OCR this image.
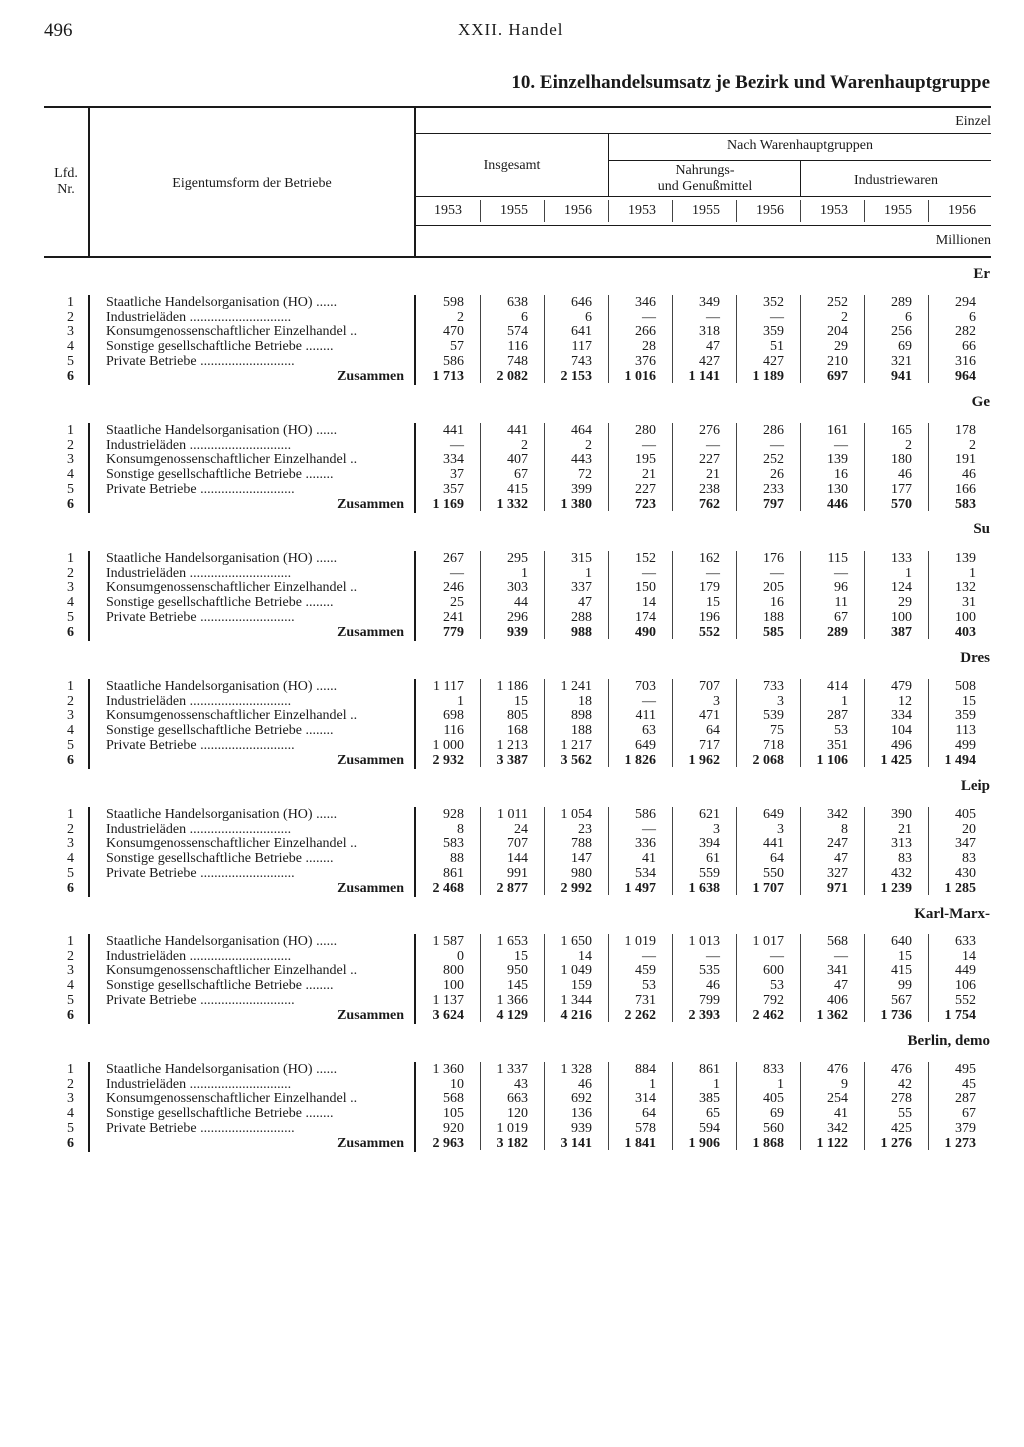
496	XXII. Handel
10. Einzelhandelsumsatz je Bezirk und Warenhauptgruppe
Lfd.
Nr.	Eigentumsform der Betriebe
Einzel
Insgesamt
Nach Warenhauptgruppen
Nahrungs-
und Genußmittel	Industriewaren
1953	1955	1956	1953	1955	1956	1953	1955	1956
Millionen
Er
1 Staatliche Handelsorganisation (HO) ......	598	638	646	346	349	352	252	289	294
2 Industrieläden .............................	2	6	6	—	—	—	2	6	6
3 Konsumgenossenschaftlicher Einzelhandel ..	470	574	641	266	318	359	204	256	282
4 Sonstige gesellschaftliche Betriebe ........	57	116	117	28	47	51	29	69	66
5 Private Betriebe ...........................	586	748	743	376	427	427	210	321	316
6	Zusammen	1 713	2 082	2 153	1 016	1 141	1 189	697	941	964
Ge
1 Staatliche Handelsorganisation (HO) ......	441	441	464	280	276	286	161	165	178
2 Industrieläden .............................	—	2	2	—	—	—	—	2	2
3 Konsumgenossenschaftlicher Einzelhandel ..	334	407	443	195	227	252	139	180	191
4 Sonstige gesellschaftliche Betriebe ........	37	67	72	21	21	26	16	46	46
5 Private Betriebe ...........................	357	415	399	227	238	233	130	177	166
6	Zusammen	1 169	1 332	1 380	723	762	797	446	570	583
Su
1 Staatliche Handelsorganisation (HO) ......	267	295	315	152	162	176	115	133	139
2 Industrieläden .............................	—	1	1	—	—	—	—	1	1
3 Konsumgenossenschaftlicher Einzelhandel ..	246	303	337	150	179	205	96	124	132
4 Sonstige gesellschaftliche Betriebe ........	25	44	47	14	15	16	11	29	31
5 Private Betriebe ...........................	241	296	288	174	196	188	67	100	100
6	Zusammen	779	939	988	490	552	585	289	387	403
Dres
1 Staatliche Handelsorganisation (HO) ......	1 117	1 186	1 241	703	707	733	414	479	508
2 Industrieläden .............................	1	15	18	—	3	3	1	12	15
3 Konsumgenossenschaftlicher Einzelhandel ..	698	805	898	411	471	539	287	334	359
4 Sonstige gesellschaftliche Betriebe ........	116	168	188	63	64	75	53	104	113
5 Private Betriebe ...........................	1 000	1 213	1 217	649	717	718	351	496	499
6	Zusammen	2 932	3 387	3 562	1 826	1 962	2 068	1 106	1 425	1 494
Leip
1 Staatliche Handelsorganisation (HO) ......	928	1 011	1 054	586	621	649	342	390	405
2 Industrieläden .............................	8	24	23	—	3	3	8	21	20
3 Konsumgenossenschaftlicher Einzelhandel ..	583	707	788	336	394	441	247	313	347
4 Sonstige gesellschaftliche Betriebe ........	88	144	147	41	61	64	47	83	83
5 Private Betriebe ...........................	861	991	980	534	559	550	327	432	430
6	Zusammen	2 468	2 877	2 992	1 497	1 638	1 707	971	1 239	1 285
Karl-Marx-
1 Staatliche Handelsorganisation (HO) ......	1 587	1 653	1 650	1 019	1 013	1 017	568	640	633
2 Industrieläden .............................	0	15	14	—	—	—	—	15	14
3 Konsumgenossenschaftlicher Einzelhandel ..	800	950	1 049	459	535	600	341	415	449
4 Sonstige gesellschaftliche Betriebe ........	100	145	159	53	46	53	47	99	106
5 Private Betriebe ...........................	1 137	1 366	1 344	731	799	792	406	567	552
6	Zusammen	3 624	4 129	4 216	2 262	2 393	2 462	1 362	1 736	1 754
Berlin, demo
1 Staatliche Handelsorganisation (HO) ......	1 360	1 337	1 328	884	861	833	476	476	495
2 Industrieläden .............................	10	43	46	1	1	1	9	42	45
3 Konsumgenossenschaftlicher Einzelhandel ..	568	663	692	314	385	405	254	278	287
4 Sonstige gesellschaftliche Betriebe ........	105	120	136	64	65	69	41	55	67
5 Private Betriebe ...........................	920	1 019	939	578	594	560	342	425	379
6	Zusammen	2 963	3 182	3 141	1 841	1 906	1 868	1 122	1 276	1 273
